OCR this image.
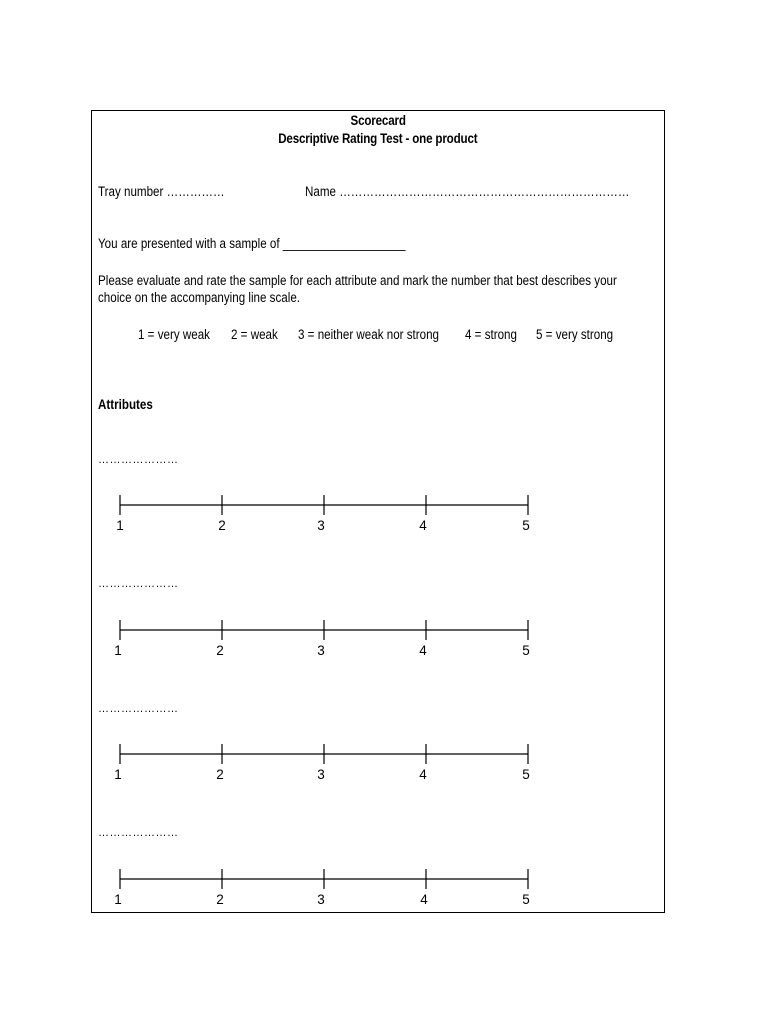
Scorecard
Descriptive Rating Test - one product
Tray number ……………	Name …………………………………………………………………
You are presented with a sample of ___________________
Please evaluate and rate the sample for each attribute and mark the number that best describes your
choice on the accompanying line scale.
1 = very weak	2 = weak	3 = neither weak nor strong	4 = strong	5 = very strong
Attributes
…………………
1	2	3	4	5
…………………
1	2	3	4	5
…………………
1	2	3	4	5
…………………
1	2	3	4	5
